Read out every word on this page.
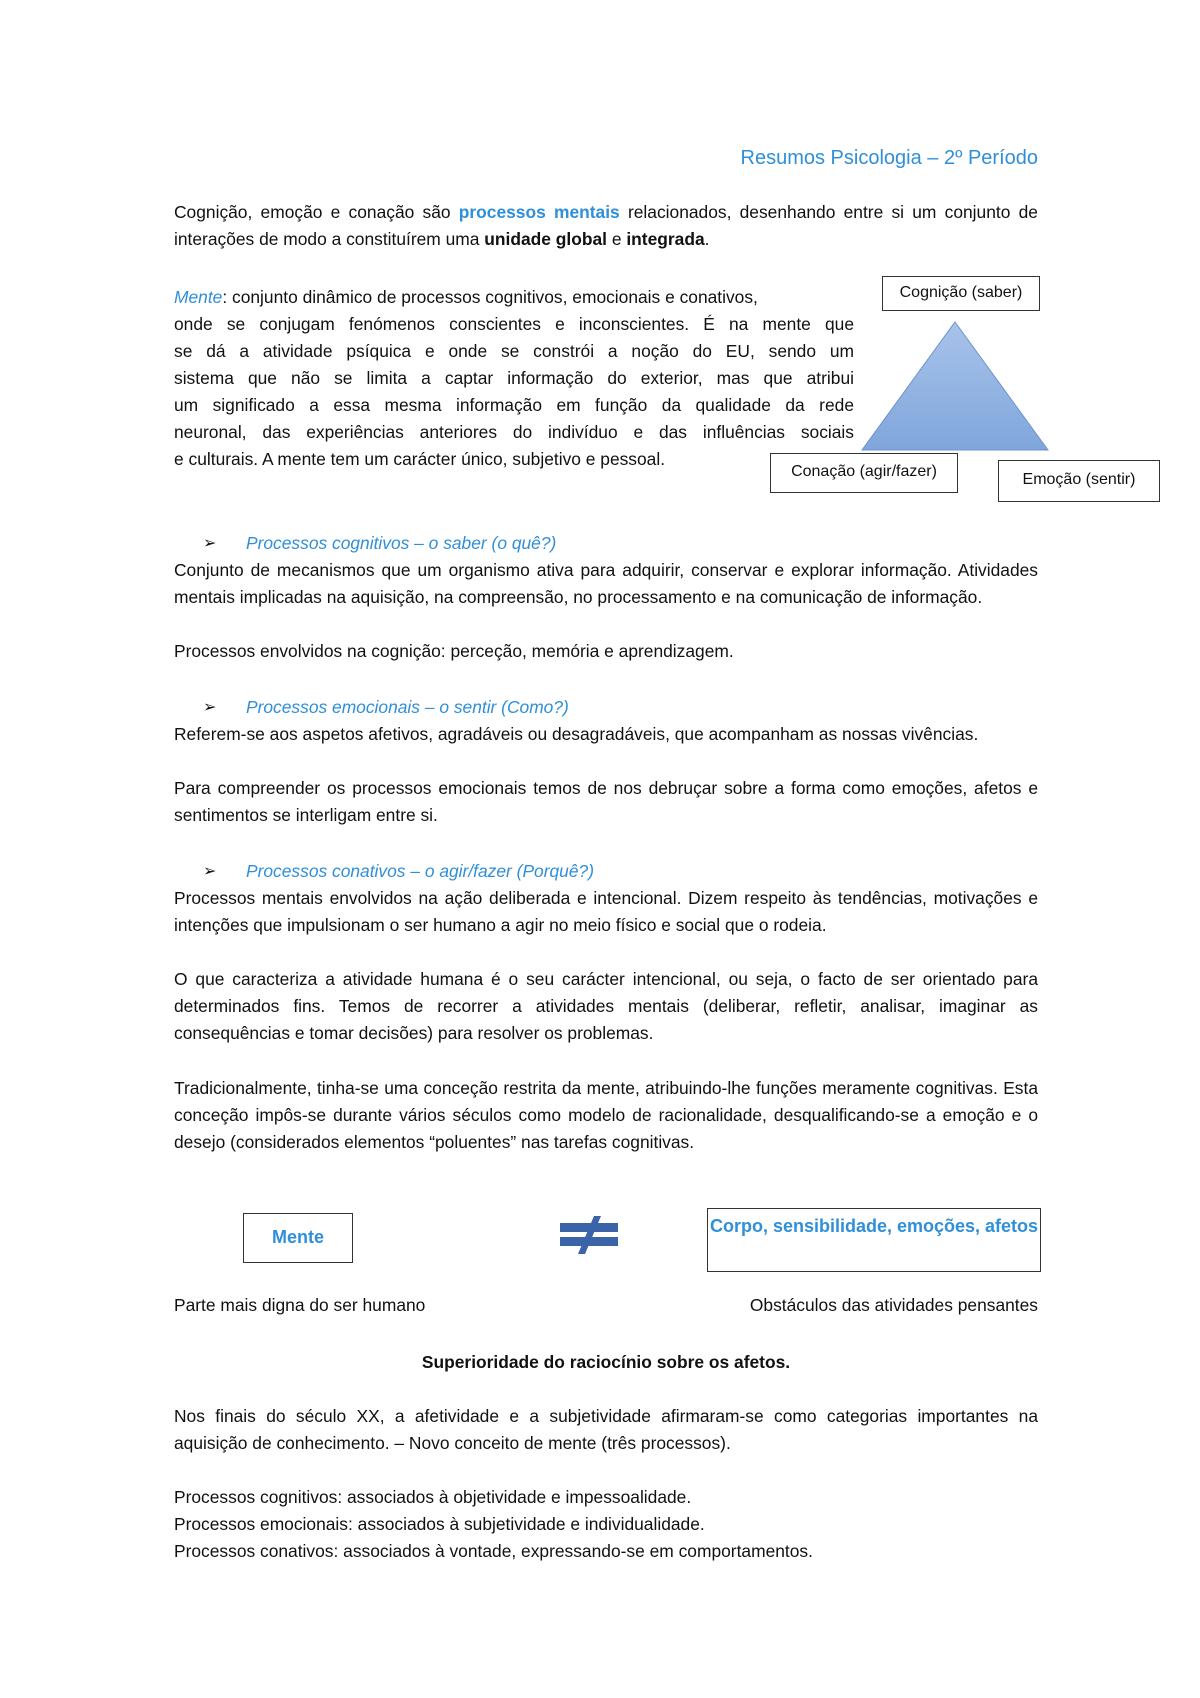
Resumos Psicologia – 2º Período
Cognição, emoção e conação são processos mentais relacionados, desenhando entre si um conjunto de interações de modo a constituírem uma unidade global e integrada.
Mente: conjunto dinâmico de processos cognitivos, emocionais e conativos,
onde se conjugam fenómenos conscientes e inconscientes. É na mente que
se dá a atividade psíquica e onde se constrói a noção do EU, sendo um
sistema que não se limita a captar informação do exterior, mas que atribui
um significado a essa mesma informação em função da qualidade da rede
neuronal, das experiências anteriores do indivíduo e das influências sociais
e culturais. A mente tem um carácter único, subjetivo e pessoal.
Cognição (saber)
Conação (agir/fazer)	Emoção (sentir)
➢ Processos cognitivos – o saber (o quê?)
Conjunto de mecanismos que um organismo ativa para adquirir, conservar e explorar informação. Atividades mentais implicadas na aquisição, na compreensão, no processamento e na comunicação de informação.
Processos envolvidos na cognição: perceção, memória e aprendizagem.
➢ Processos emocionais – o sentir (Como?)
Referem-se aos aspetos afetivos, agradáveis ou desagradáveis, que acompanham as nossas vivências.
Para compreender os processos emocionais temos de nos debruçar sobre a forma como emoções, afetos e sentimentos se interligam entre si.
➢ Processos conativos – o agir/fazer (Porquê?)
Processos mentais envolvidos na ação deliberada e intencional. Dizem respeito às tendências, motivações e intenções que impulsionam o ser humano a agir no meio físico e social que o rodeia.
O que caracteriza a atividade humana é o seu carácter intencional, ou seja, o facto de ser orientado para determinados fins. Temos de recorrer a atividades mentais (deliberar, refletir, analisar, imaginar as consequências e tomar decisões) para resolver os problemas.
Tradicionalmente, tinha-se uma conceção restrita da mente, atribuindo-lhe funções meramente cognitivas. Esta conceção impôs-se durante vários séculos como modelo de racionalidade, desqualificando-se a emoção e o desejo (considerados elementos “poluentes” nas tarefas cognitivas.
Mente
Corpo, sensibilidade, emoções, afetos
Parte mais digna do ser humano	Obstáculos das atividades pensantes
Superioridade do raciocínio sobre os afetos.
Nos finais do século XX, a afetividade e a subjetividade afirmaram-se como categorias importantes na aquisição de conhecimento. – Novo conceito de mente (três processos).
Processos cognitivos: associados à objetividade e impessoalidade.
Processos emocionais: associados à subjetividade e individualidade.
Processos conativos: associados à vontade, expressando-se em comportamentos.
